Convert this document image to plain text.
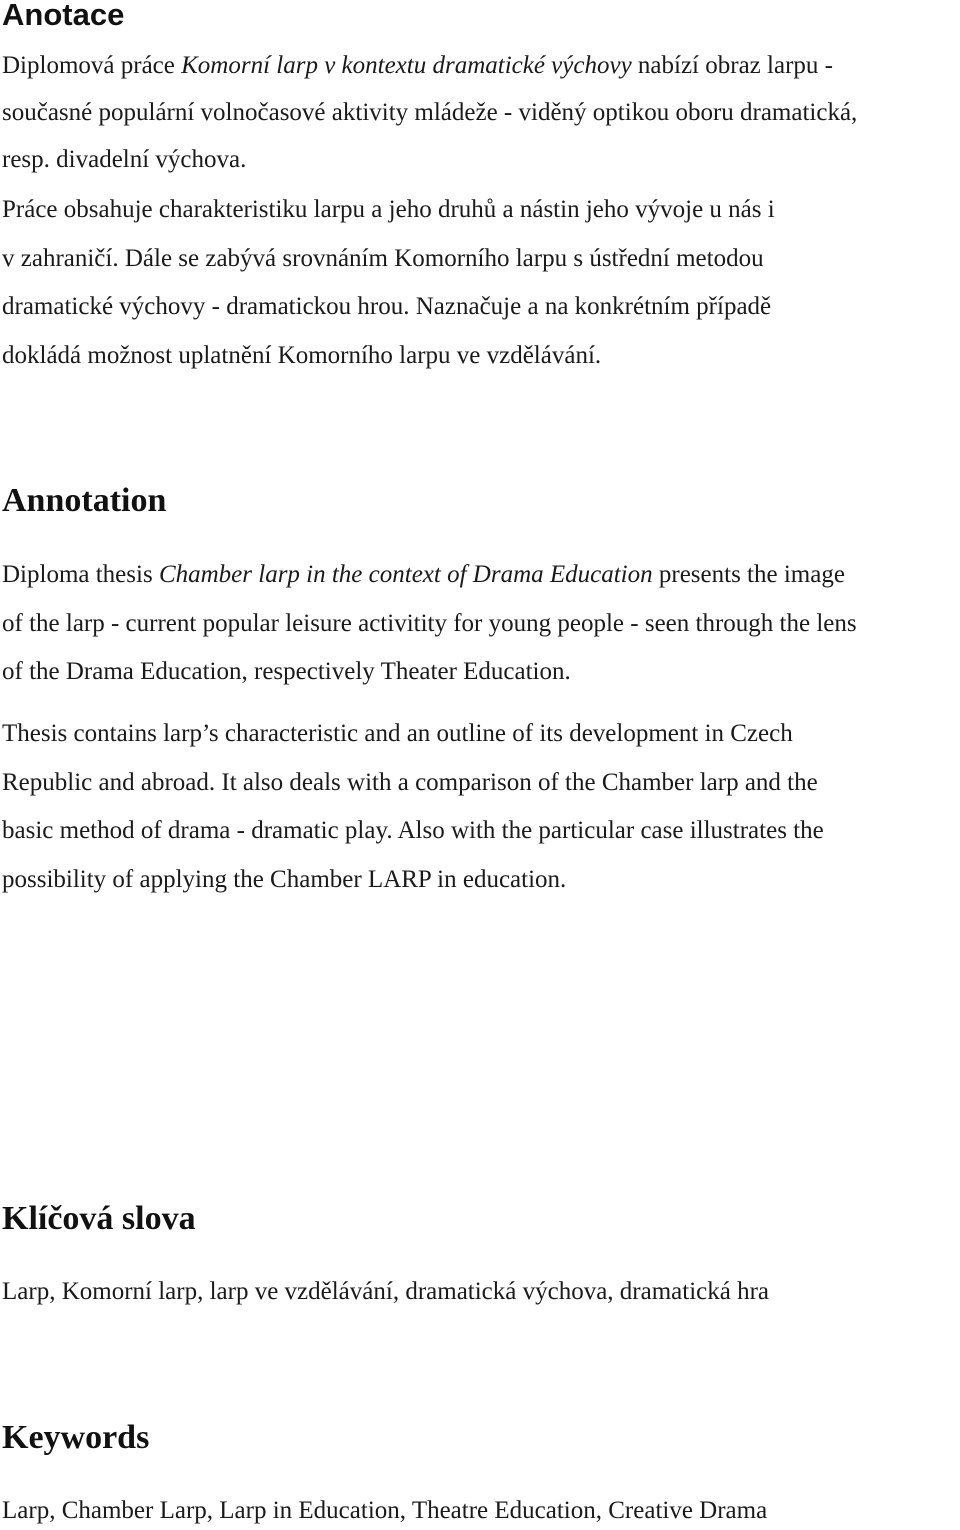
Anotace

Diplomová práce Komorní larp v kontextu dramatické výchovy nabízí obraz larpu -
současné populární volnočasové aktivity mládeže - viděný optikou oboru dramatická,
resp. divadelní výchova.

Práce obsahuje charakteristiku larpu a jeho druhů a nástin jeho vývoje u nás i
v zahraničí. Dále se zabývá srovnáním Komorního larpu s ústřední metodou
dramatické výchovy - dramatickou hrou. Naznačuje a na konkrétním případě
dokládá možnost uplatnění Komorního larpu ve vzdělávání.

Annotation

Diploma thesis Chamber larp in the context of Drama Education presents the image
of the larp - current popular leisure activitity for young people - seen through the lens
of the Drama Education, respectively Theater Education.

Thesis contains larp’s characteristic and an outline of its development in Czech
Republic and abroad. It also deals with a comparison of the Chamber larp and the
basic method of drama - dramatic play. Also with the particular case illustrates the
possibility of applying the Chamber LARP in education.

Klíčová slova

Larp, Komorní larp, larp ve vzdělávání, dramatická výchova, dramatická hra

Keywords

Larp, Chamber Larp, Larp in Education, Theatre Education, Creative Drama
